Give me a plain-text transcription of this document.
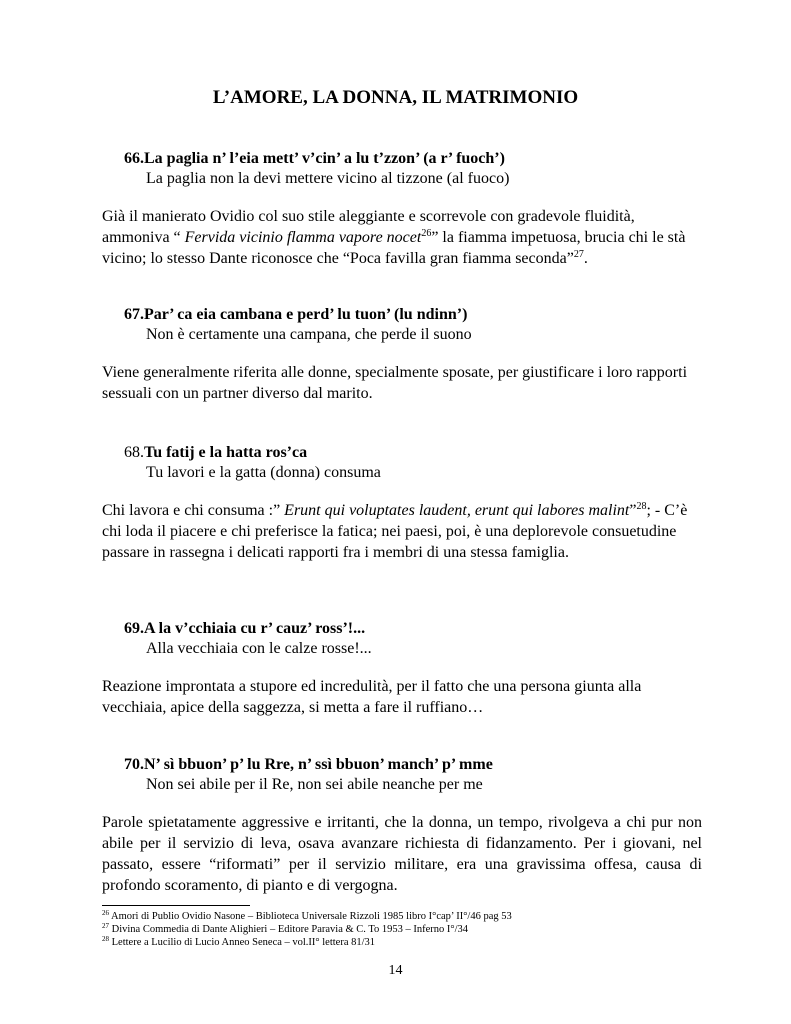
L’AMORE, LA DONNA, IL MATRIMONIO

66.La paglia n’ l’eia mett’ v’cin’ a lu t’zzon’ (a r’ fuoch’)

La paglia non la devi mettere vicino al tizzone (al fuoco)

Già il manierato Ovidio col suo stile aleggiante e scorrevole con gradevole fluidità, ammoniva “ Fervida vicinio flamma vapore nocet$^{26}$” la fiamma impetuosa, brucia chi le stà vicino; lo stesso Dante riconosce che “Poca favilla gran fiamma seconda”$^{27}$.

67.Par’ ca eia cambana e perd’ lu tuon’ (lu ndinn’)

Non è certamente una campana, che perde il suono

Viene generalmente riferita alle donne, specialmente sposate, per giustificare i loro rapporti sessuali con un partner diverso dal marito.

68.Tu fatij e la hatta ros’ca

Tu lavori e la gatta (donna) consuma

Chi lavora e chi consuma :” Erunt qui voluptates laudent, erunt qui labores malint”$^{28}$; - C’è chi loda il piacere e chi preferisce la fatica; nei paesi, poi, è una deplorevole consuetudine passare in rassegna i delicati rapporti fra i membri di una stessa famiglia.

69.A la v’cchiaia cu r’ cauz’ ross’!...

Alla vecchiaia con le calze rosse!...

Reazione improntata a stupore ed incredulità, per il fatto che una persona giunta alla vecchiaia, apice della saggezza, si metta a fare il ruffiano…

70.N’ sì bbuon’ p’ lu Rre, n’ ssì bbuon’ manch’ p’ mme

Non sei abile per il Re, non sei abile neanche per me

Parole spietatamente aggressive e irritanti, che la donna, un tempo, rivolgeva a chi pur non abile per il servizio di leva, osava avanzare richiesta di fidanzamento. Per i giovani, nel passato, essere “riformati” per il servizio militare, era una gravissima offesa, causa di profondo scoramento, di pianto e di vergogna.

$^{26}$ Amori di Publio Ovidio Nasone – Biblioteca Universale Rizzoli 1985 libro I°cap’ II°/46 pag 53

$^{27}$ Divina Commedia di Dante Alighieri – Editore Paravia & C. To 1953 – Inferno I°/34

$^{28}$ Lettere a Lucilio di Lucio Anneo Seneca – vol.II° lettera 81/31

14
